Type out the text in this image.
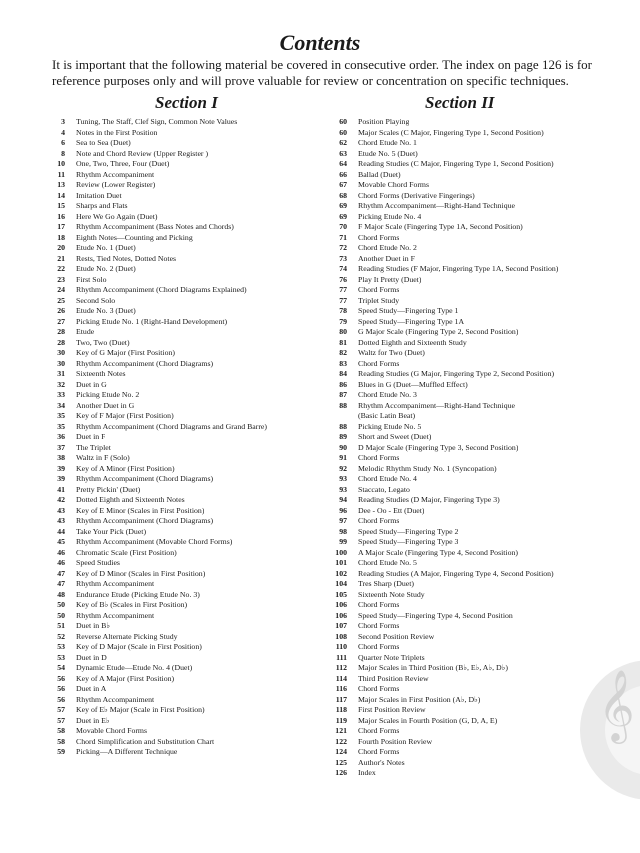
Contents

It is important that the following material be covered in consecutive order. The index on page 126 is for reference purposes only and will prove valuable for review or concentration on specific techniques.

Section I	Section II
3	Tuning, The Staff, Clef Sign, Common Note Values
4	Notes in the First Position
6	Sea to Sea (Duet)
8	Note and Chord Review (Upper Register )
10	One, Two, Three, Four (Duet)
11	Rhythm Accompaniment
13	Review (Lower Register)
14	Imitation Duet
15	Sharps and Flats
16	Here We Go Again (Duet)
17	Rhythm Accompaniment (Bass Notes and Chords)
18	Eighth Notes—Counting and Picking
20	Etude No. 1 (Duet)
21	Rests, Tied Notes, Dotted Notes
22	Etude No. 2 (Duet)
23	First Solo
24	Rhythm Accompaniment (Chord Diagrams Explained)
25	Second Solo
26	Etude No. 3 (Duet)
27	Picking Etude No. 1 (Right-Hand Development)
28	Etude
28	Two, Two (Duet)
30	Key of G Major (First Position)
30	Rhythm Accompaniment (Chord Diagrams)
31	Sixteenth Notes
32	Duet in G
33	Picking Etude No. 2
34	Another Duet in G
35	Key of F Major (First Position)
35	Rhythm Accompaniment (Chord Diagrams and Grand Barre)
36	Duet in F
37	The Triplet
38	Waltz in F (Solo)
39	Key of A Minor (First Position)
39	Rhythm Accompaniment (Chord Diagrams)
41	Pretty Pickin' (Duet)
42	Dotted Eighth and Sixteenth Notes
43	Key of E Minor (Scales in First Position)
43	Rhythm Accompaniment (Chord Diagrams)
44	Take Your Pick (Duet)
45	Rhythm Accompaniment (Movable Chord Forms)
46	Chromatic Scale (First Position)
46	Speed Studies
47	Key of D Minor (Scales in First Position)
47	Rhythm Accompaniment
48	Endurance Etude (Picking Etude No. 3)
50	Key of B♭ (Scales in First Position)
50	Rhythm Accompaniment
51	Duet in B♭
52	Reverse Alternate Picking Study
53	Key of D Major (Scale in First Position)
53	Duet in D
54	Dynamic Etude—Etude No. 4 (Duet)
56	Key of A Major (First Position)
56	Duet in A
56	Rhythm Accompaniment
57	Key of E♭ Major (Scale in First Position)
57	Duet in E♭
58	Movable Chord Forms
58	Chord Simplification and Substitution Chart
59	Picking—A Different Technique
60	Position Playing
60	Major Scales (C Major, Fingering Type 1, Second Position)
62	Chord Etude No. 1
63	Etude No. 5 (Duet)
64	Reading Studies (C Major, Fingering Type 1, Second Position)
66	Ballad (Duet)
67	Movable Chord Forms
68	Chord Forms (Derivative Fingerings)
69	Rhythm Accompaniment—Right-Hand Technique
69	Picking Etude No. 4
70	F Major Scale (Fingering Type 1A, Second Position)
71	Chord Forms
72	Chord Etude No. 2
73	Another Duet in F
74	Reading Studies (F Major, Fingering Type 1A, Second Position)
76	Play It Pretty (Duet)
77	Chord Forms
77	Triplet Study
78	Speed Study—Fingering Type 1
79	Speed Study—Fingering Type 1A
80	G Major Scale (Fingering Type 2, Second Position)
81	Dotted Eighth and Sixteenth Study
82	Waltz for Two (Duet)
83	Chord Forms
84	Reading Studies (G Major, Fingering Type 2, Second Position)
86	Blues in G (Duet—Muffled Effect)
87	Chord Etude No. 3
88	Rhythm Accompaniment—Right-Hand Technique
(Basic Latin Beat)
88	Picking Etude No. 5
89	Short and Sweet (Duet)
90	D Major Scale (Fingering Type 3, Second Position)
91	Chord Forms
92	Melodic Rhythm Study No. 1 (Syncopation)
93	Chord Etude No. 4
93	Staccato, Legato
94	Reading Studies (D Major, Fingering Type 3)
96	Dee - Oo - Ett (Duet)
97	Chord Forms
98	Speed Study—Fingering Type 2
99	Speed Study—Fingering Type 3
100	A Major Scale (Fingering Type 4, Second Position)
101	Chord Etude No. 5
102	Reading Studies (A Major, Fingering Type 4, Second Position)
104	Tres Sharp (Duet)
105	Sixteenth Note Study
106	Chord Forms
106	Speed Study—Fingering Type 4, Second Position
107	Chord Forms
108	Second Position Review
110	Chord Forms
111	Quarter Note Triplets
112	Major Scales in Third Position (B♭, E♭, A♭, D♭)
114	Third Position Review
116	Chord Forms
117	Major Scales in First Position (A♭, D♭)
118	First Position Review
119	Major Scales in Fourth Position (G, D, A, E)
121	Chord Forms
122	Fourth Position Review
124	Chord Forms
125	Author's Notes
126	Index
𝄞
